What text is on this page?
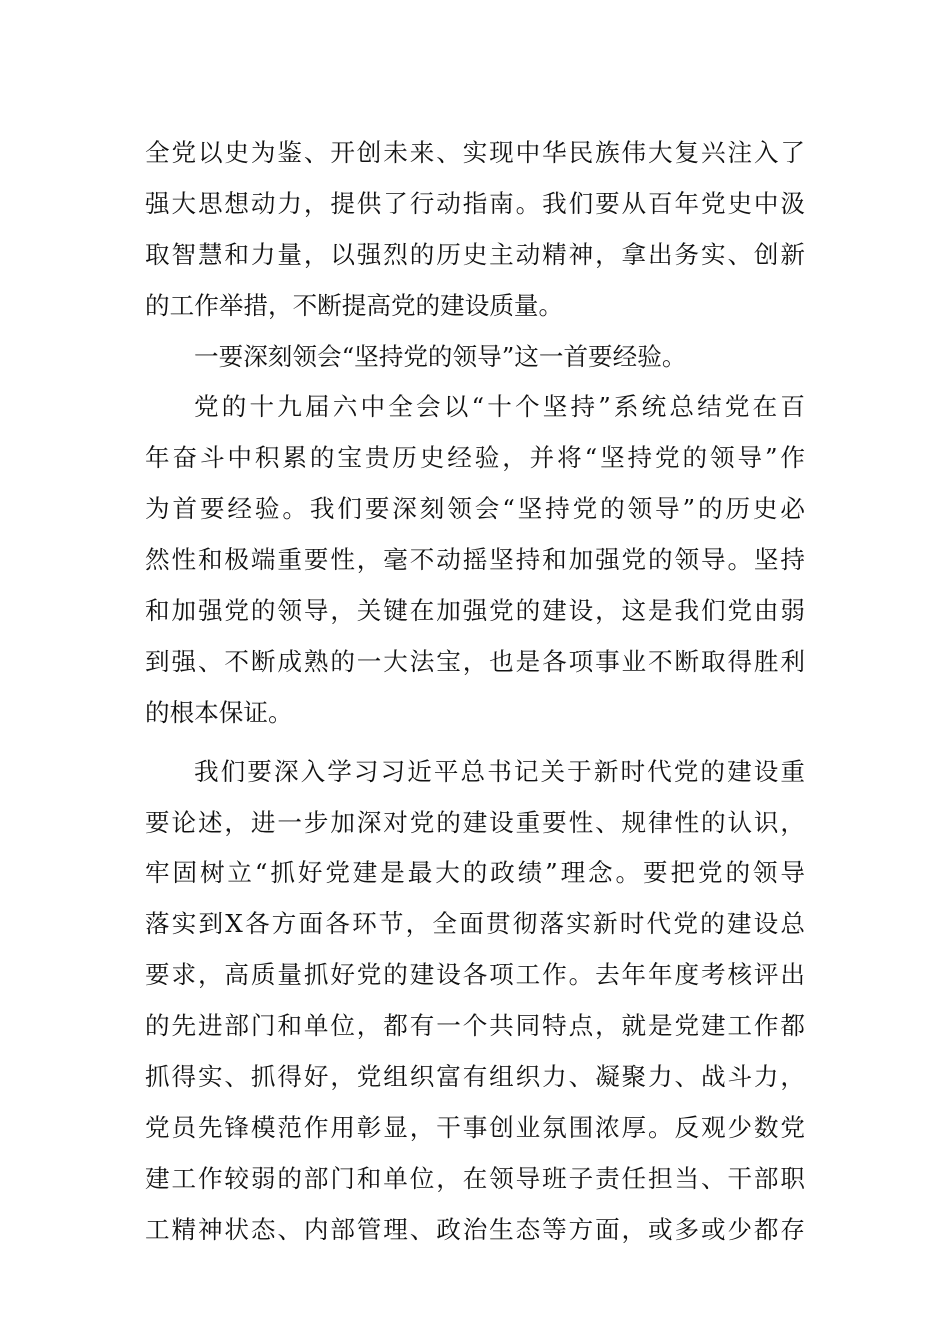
全党以史为鉴、开创未来、实现中华民族伟大复兴注入了
强大思想动力，提供了行动指南。我们要从百年党史中汲
取智慧和力量，以强烈的历史主动精神，拿出务实、创新
的工作举措，不断提高党的建设质量。
一要深刻领会“坚持党的领导”这一首要经验。
党的十九届六中全会以“十个坚持”系统总结党在百
年奋斗中积累的宝贵历史经验，并将“坚持党的领导”作
为首要经验。我们要深刻领会“坚持党的领导”的历史必
然性和极端重要性，毫不动摇坚持和加强党的领导。坚持
和加强党的领导，关键在加强党的建设，这是我们党由弱
到强、不断成熟的一大法宝，也是各项事业不断取得胜利
的根本保证。
我们要深入学习习近平总书记关于新时代党的建设重
要论述，进一步加深对党的建设重要性、规律性的认识，
牢固树立“抓好党建是最大的政绩”理念。要把党的领导
落实到X各方面各环节，全面贯彻落实新时代党的建设总
要求，高质量抓好党的建设各项工作。去年年度考核评出
的先进部门和单位，都有一个共同特点，就是党建工作都
抓得实、抓得好，党组织富有组织力、凝聚力、战斗力，
党员先锋模范作用彰显，干事创业氛围浓厚。反观少数党
建工作较弱的部门和单位，在领导班子责任担当、干部职
工精神状态、内部管理、政治生态等方面，或多或少都存
